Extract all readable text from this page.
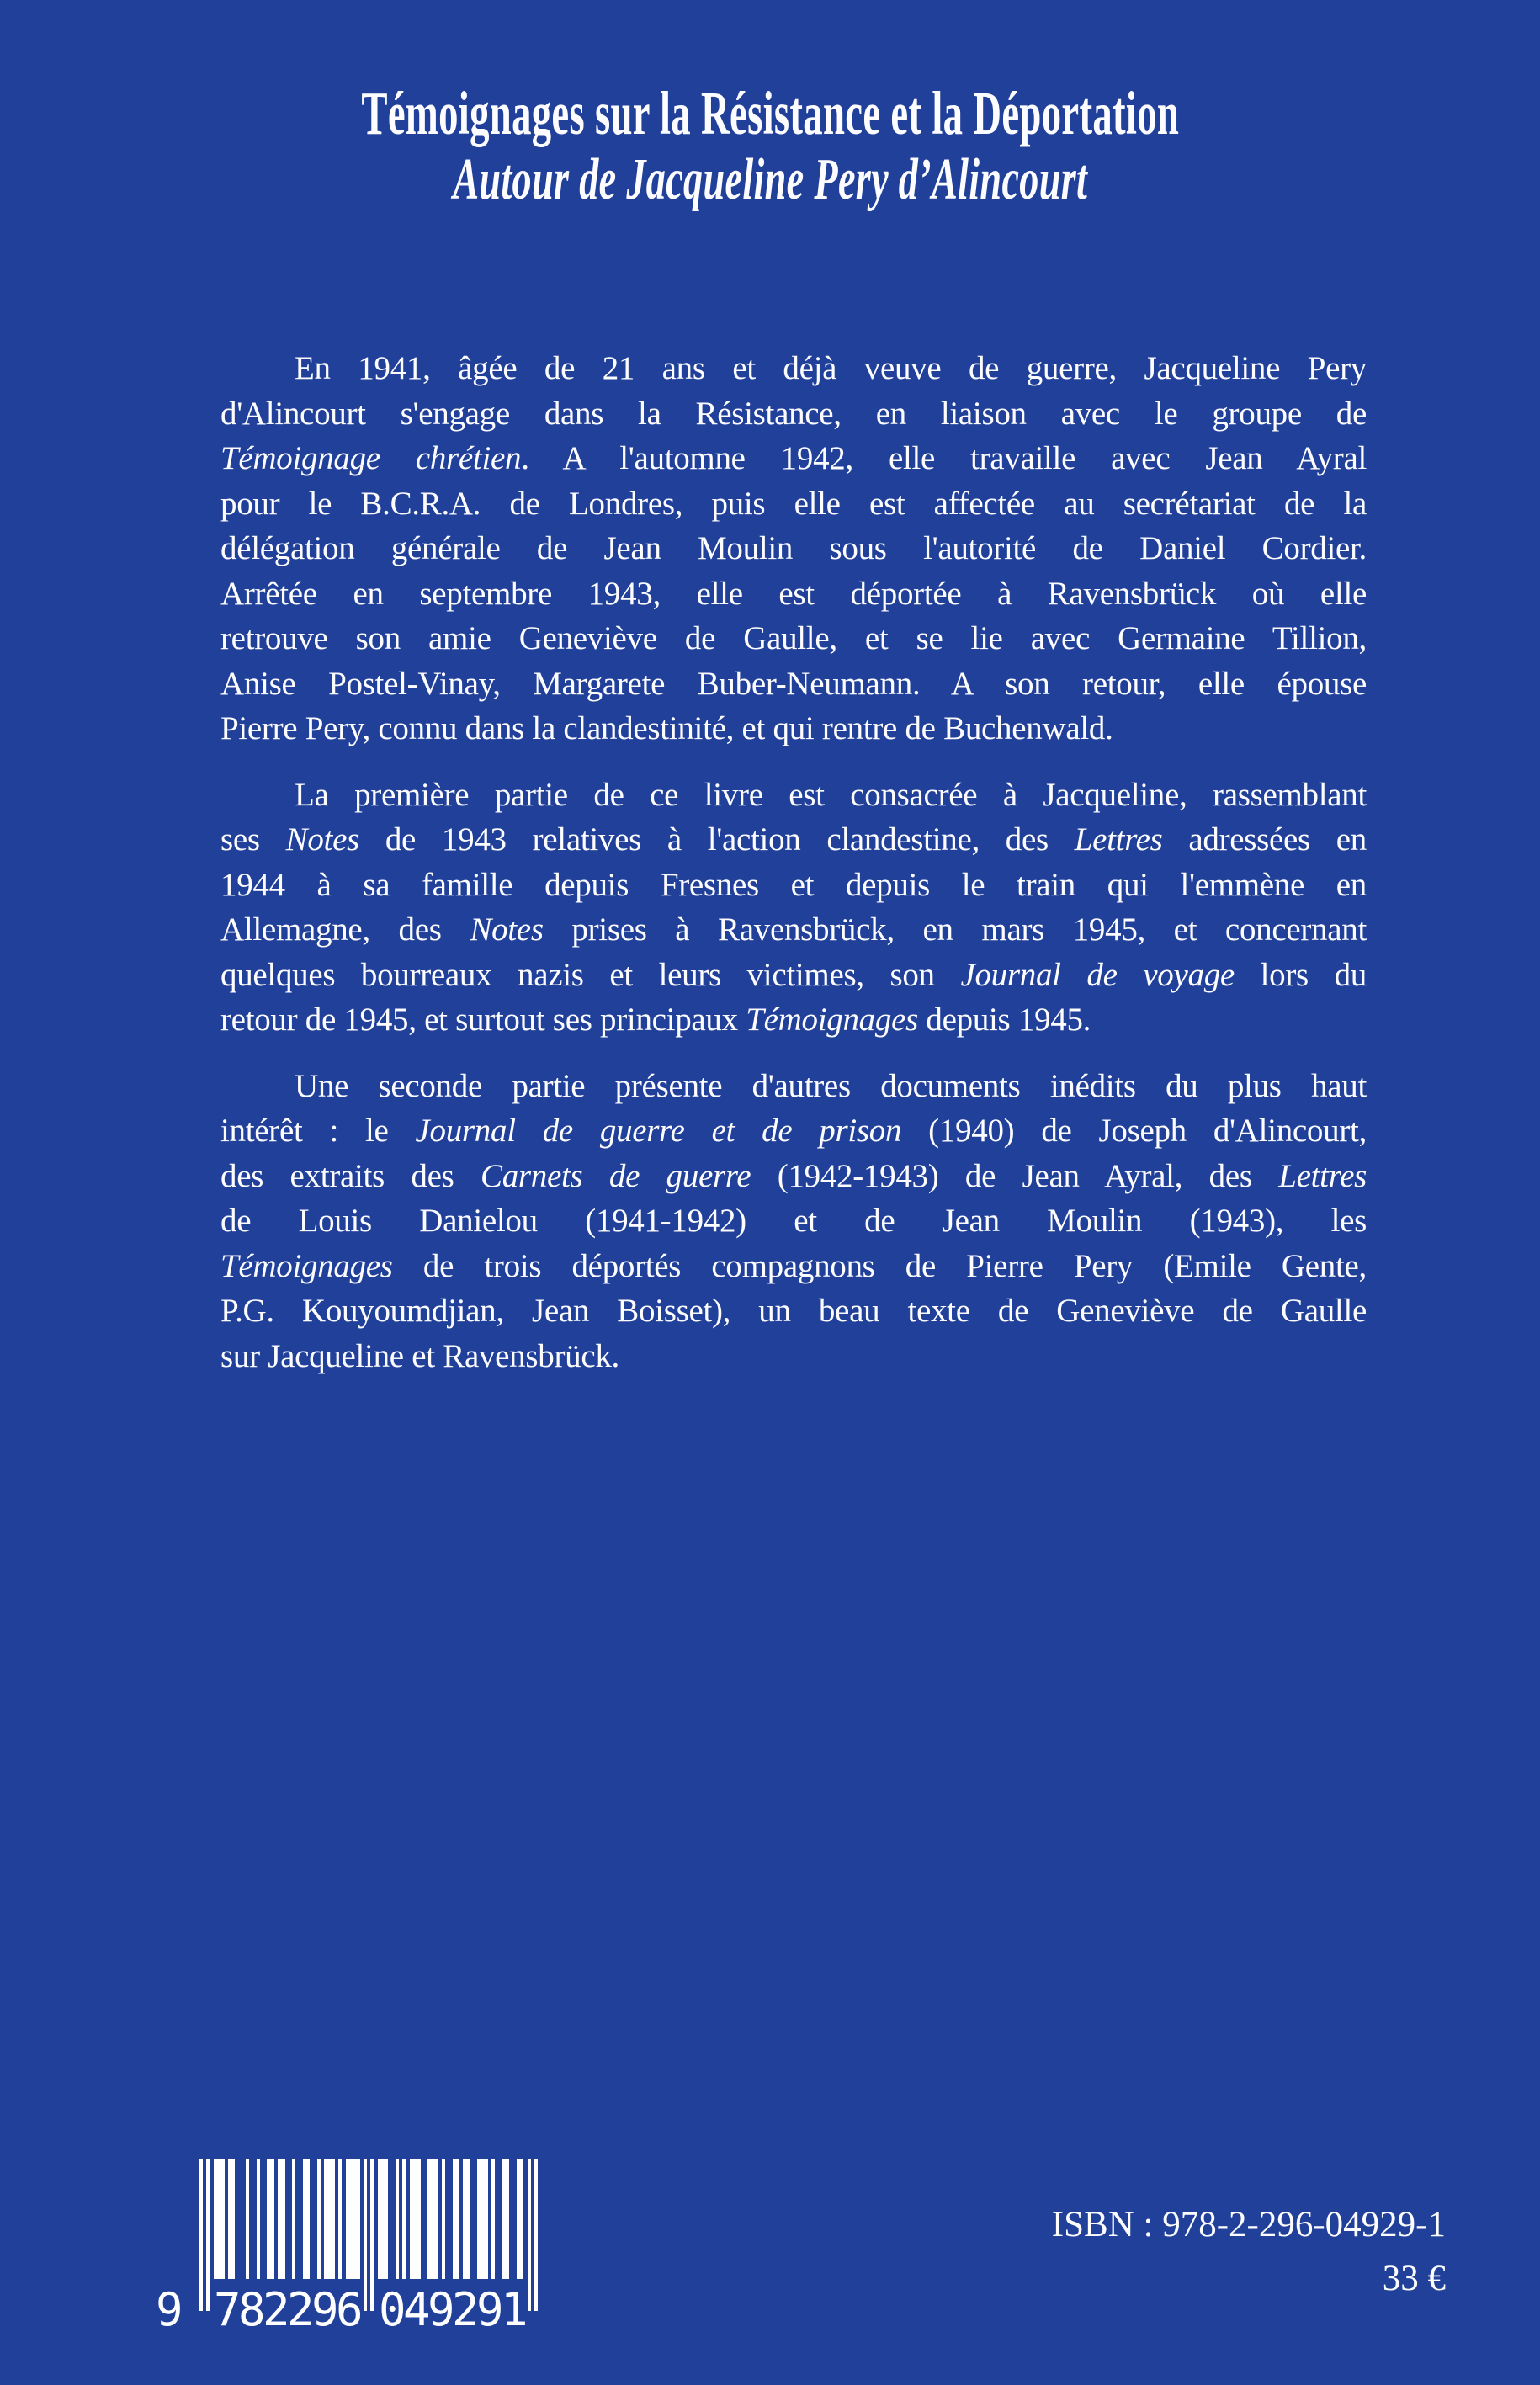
Témoignages sur la Résistance et la Déportation
Autour de Jacqueline Pery d’Alincourt
En 1941, âgée de 21 ans et déjà veuve de guerre, Jacqueline Pery
d'Alincourt s'engage dans la Résistance, en liaison avec le groupe de
Témoignage chrétien. A l'automne 1942, elle travaille avec Jean Ayral
pour le B.C.R.A. de Londres, puis elle est affectée au secrétariat de la
délégation générale de Jean Moulin sous l'autorité de Daniel Cordier.
Arrêtée en septembre 1943, elle est déportée à Ravensbrück où elle
retrouve son amie Geneviève de Gaulle, et se lie avec Germaine Tillion,
Anise Postel-Vinay, Margarete Buber-Neumann. A son retour, elle épouse
Pierre Pery, connu dans la clandestinité, et qui rentre de Buchenwald.
La première partie de ce livre est consacrée à Jacqueline, rassemblant
ses Notes de 1943 relatives à l'action clandestine, des Lettres adressées en
1944 à sa famille depuis Fresnes et depuis le train qui l'emmène en
Allemagne, des Notes prises à Ravensbrück, en mars 1945, et concernant
quelques bourreaux nazis et leurs victimes, son Journal de voyage lors du
retour de 1945, et surtout ses principaux Témoignages depuis 1945.
Une seconde partie présente d'autres documents inédits du plus haut
intérêt : le Journal de guerre et de prison (1940) de Joseph d'Alincourt,
des extraits des Carnets de guerre (1942-1943) de Jean Ayral, des Lettres
de Louis Danielou (1941-1942) et de Jean Moulin (1943), les
Témoignages de trois déportés compagnons de Pierre Pery (Emile Gente,
P.G. Kouyoumdjian, Jean Boisset), un beau texte de Geneviève de Gaulle
sur Jacqueline et Ravensbrück.
9 782296 049291
ISBN : 978-2-296-04929-1
33 €
